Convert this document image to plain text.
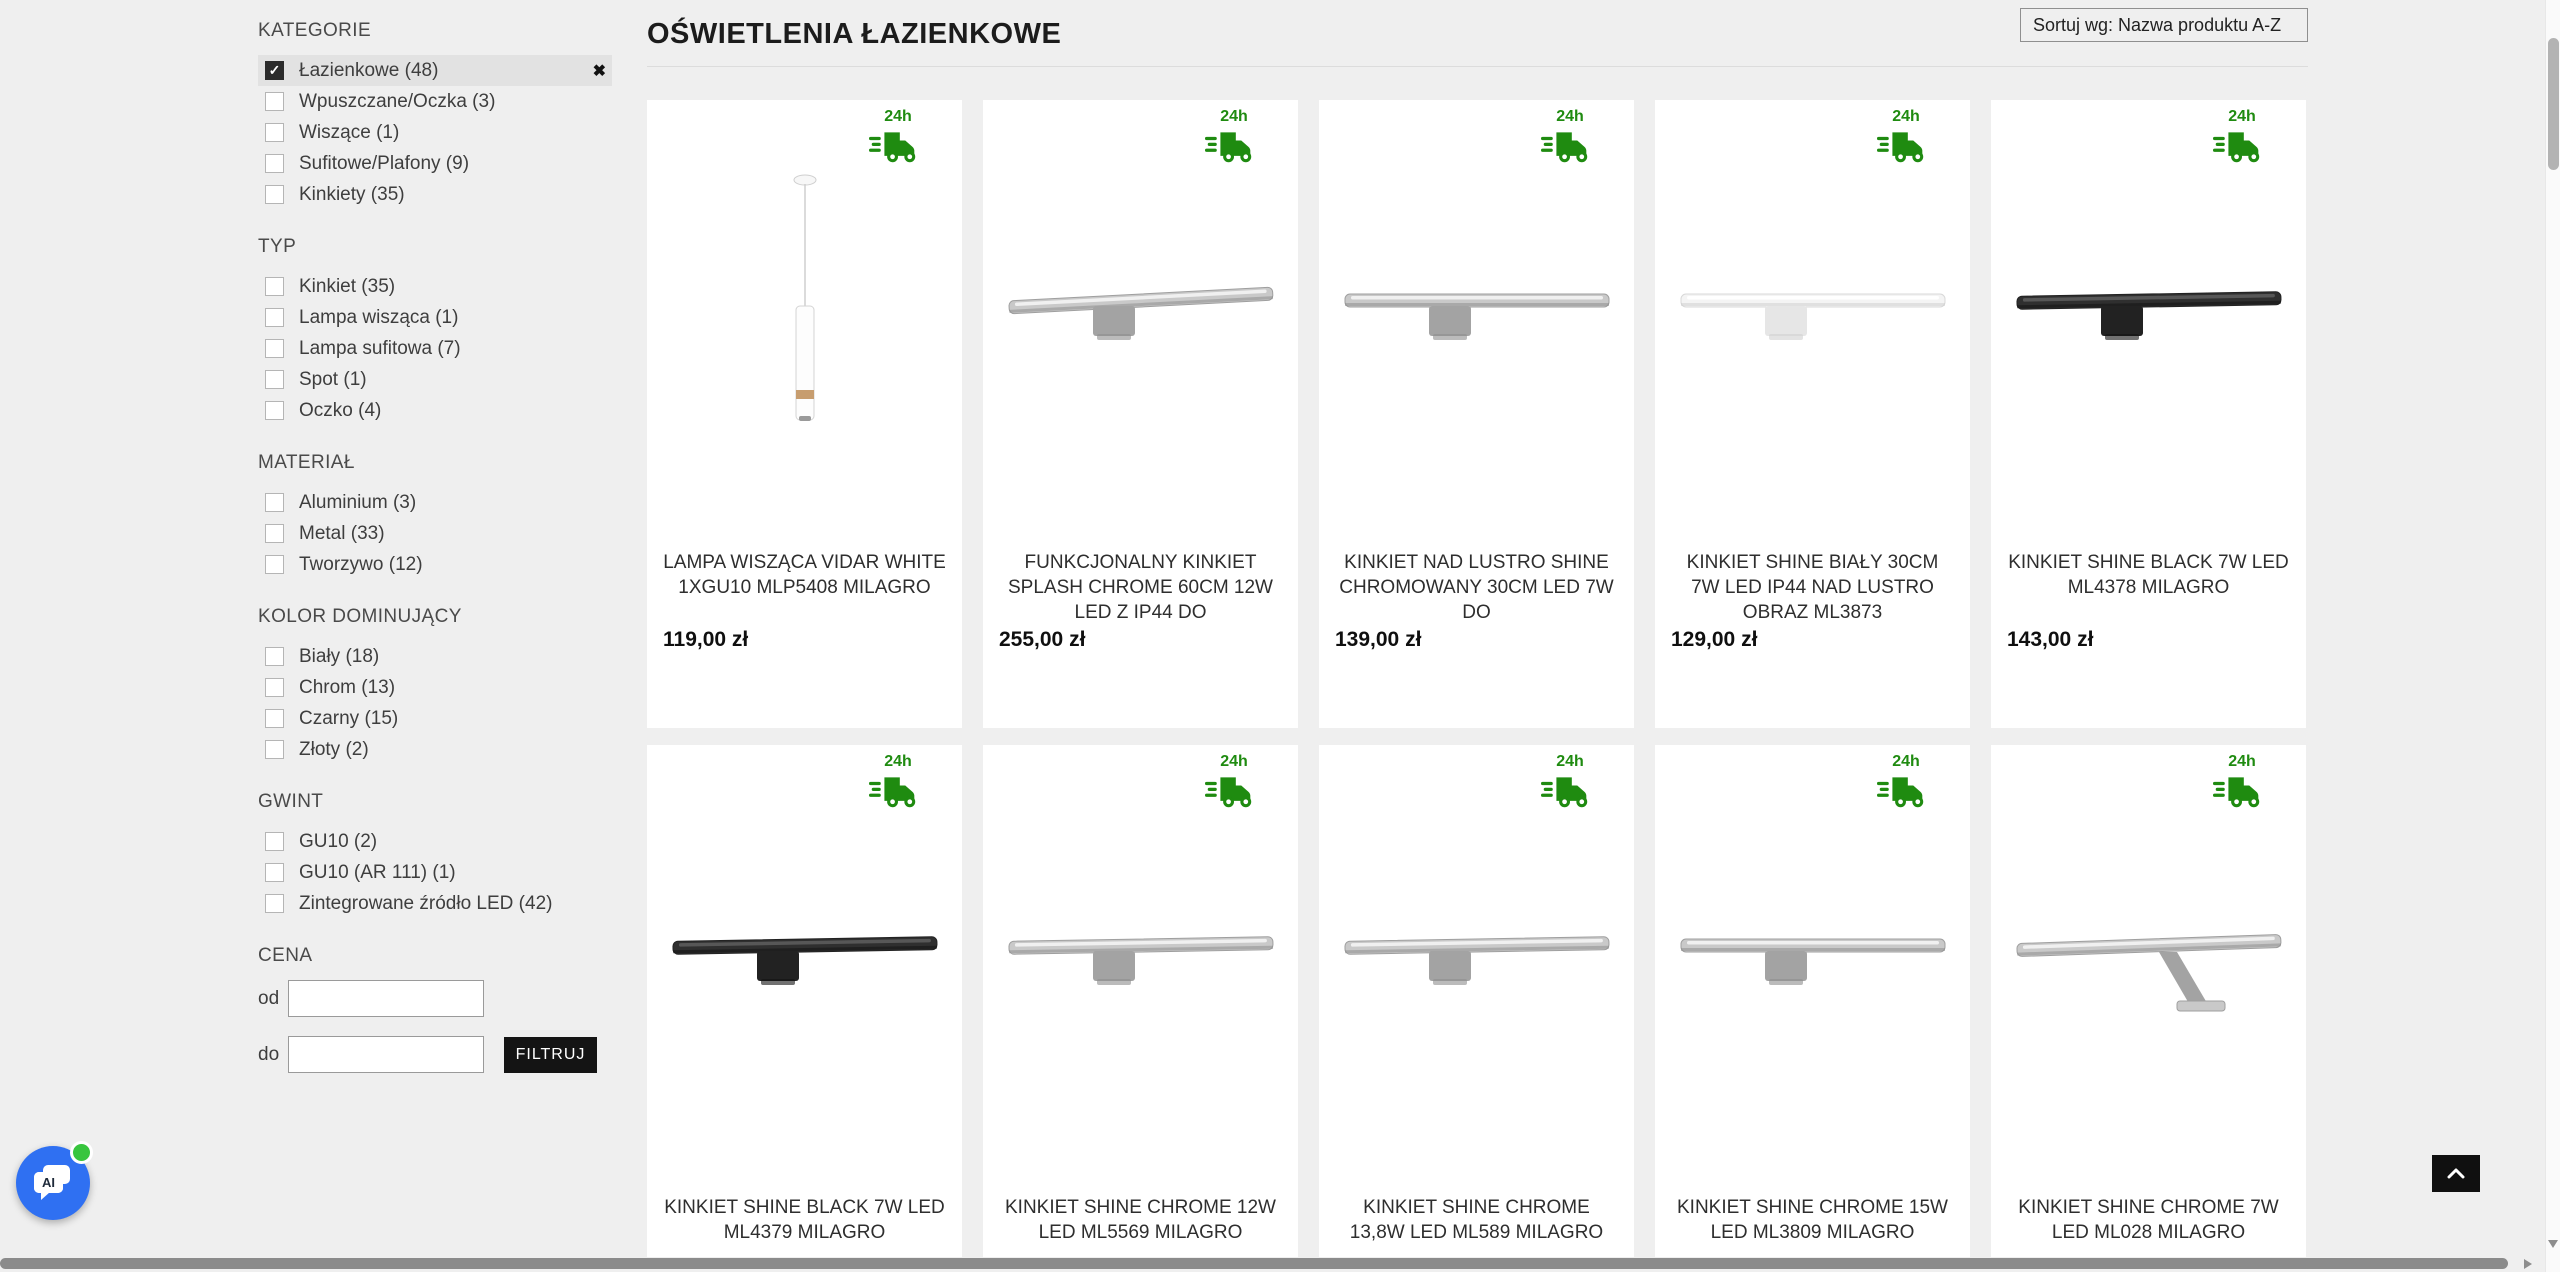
KATEGORIE
✓ Łazienkowe (48)	✖
Wpuszczane/Oczka (3)
Wiszące (1)
Sufitowe/Plafony (9)
Kinkiety (35)
TYP
Kinkiet (35)
Lampa wisząca (1)
Lampa sufitowa (7)
Spot (1)
Oczko (4)
MATERIAŁ
Aluminium (3)
Metal (33)
Tworzywo (12)
KOLOR DOMINUJĄCY
Biały (18)
Chrom (13)
Czarny (15)
Złoty (2)
GWINT
GU10 (2)
GU10 (AR 111) (1)
Zintegrowane źródło LED (42)
CENA
od
do	FILTRUJ
OŚWIETLENIA ŁAZIENKOWE	Sortuj wg: Nazwa produktu A-Z
24h
LAMPA WISZĄCA VIDAR WHITE 1XGU10 MLP5408 MILAGRO
119,00 zł
24h
FUNKCJONALNY KINKIET SPLASH CHROME 60CM 12W LED Z IP44 DO
255,00 zł
24h
KINKIET NAD LUSTRO SHINE CHROMOWANY 30CM LED 7W DO
139,00 zł
24h
KINKIET SHINE BIAŁY 30CM 7W LED IP44 NAD LUSTRO OBRAZ ML3873
129,00 zł
24h
KINKIET SHINE BLACK 7W LED ML4378 MILAGRO
143,00 zł
24h
KINKIET SHINE BLACK 7W LED ML4379 MILAGRO
24h
KINKIET SHINE CHROME 12W LED ML5569 MILAGRO
24h
KINKIET SHINE CHROME 13,8W LED ML589 MILAGRO
24h
KINKIET SHINE CHROME 15W LED ML3809 MILAGRO
24h
KINKIET SHINE CHROME 7W LED ML028 MILAGRO
AI
